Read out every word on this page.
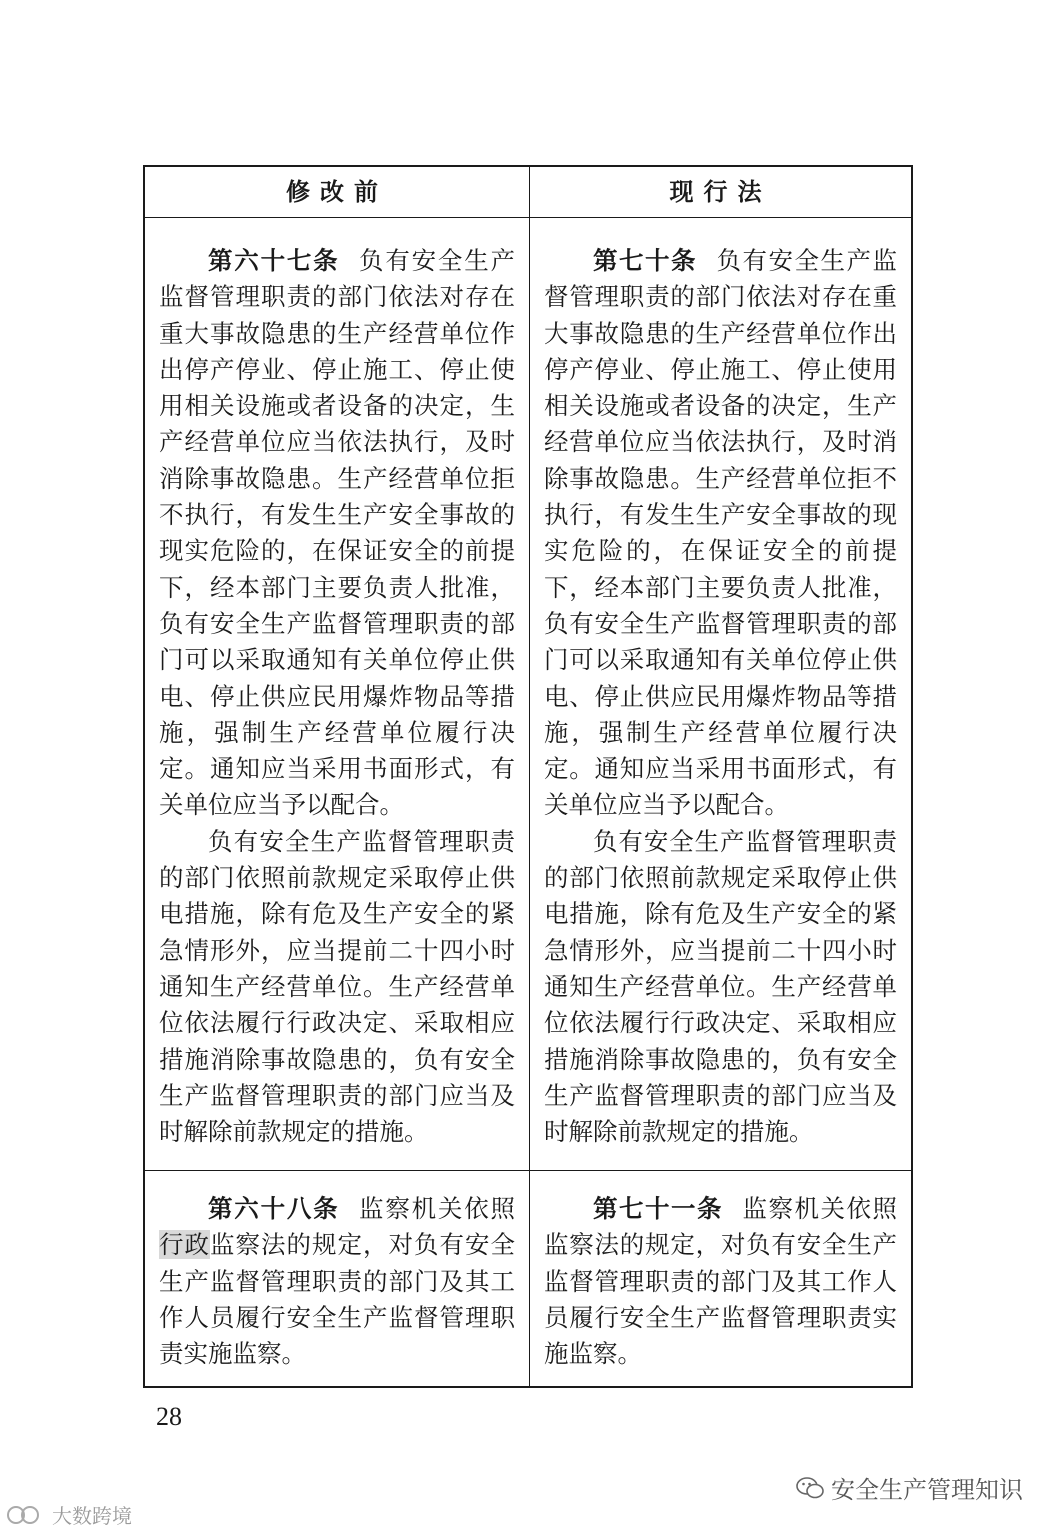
修改前	现行法

第六十七条 负有安全生产监督管理职责的部门依法对存在重大事故隐患的生产经营单位作出停产停业、停止施工、停止使用相关设施或者设备的决定，生产经营单位应当依法执行，及时消除事故隐患。生产经营单位拒不执行，有发生生产安全事故的现实危险的，在保证安全的前提下，经本部门主要负责人批准，负有安全生产监督管理职责的部门可以采取通知有关单位停止供电、停止供应民用爆炸物品等措施，强制生产经营单位履行决定。通知应当采用书面形式，有关单位应当予以配合。

负有安全生产监督管理职责的部门依照前款规定采取停止供电措施，除有危及生产安全的紧急情形外，应当提前二十四小时通知生产经营单位。生产经营单位依法履行行政决定、采取相应措施消除事故隐患的，负有安全生产监督管理职责的部门应当及时解除前款规定的措施。

第七十条 负有安全生产监督管理职责的部门依法对存在重大事故隐患的生产经营单位作出停产停业、停止施工、停止使用相关设施或者设备的决定，生产经营单位应当依法执行，及时消除事故隐患。生产经营单位拒不执行，有发生生产安全事故的现实危险的，在保证安全的前提下，经本部门主要负责人批准，负有安全生产监督管理职责的部门可以采取通知有关单位停止供电、停止供应民用爆炸物品等措施，强制生产经营单位履行决定。通知应当采用书面形式，有关单位应当予以配合。

负有安全生产监督管理职责的部门依照前款规定采取停止供电措施，除有危及生产安全的紧急情形外，应当提前二十四小时通知生产经营单位。生产经营单位依法履行行政决定、采取相应措施消除事故隐患的，负有安全生产监督管理职责的部门应当及时解除前款规定的措施。

第六十八条 监察机关依照行政监察法的规定，对负有安全生产监督管理职责的部门及其工作人员履行安全生产监督管理职责实施监察。

第七十一条 监察机关依照监察法的规定，对负有安全生产监督管理职责的部门及其工作人员履行安全生产监督管理职责实施监察。

28
安全生产管理知识
大数跨境
